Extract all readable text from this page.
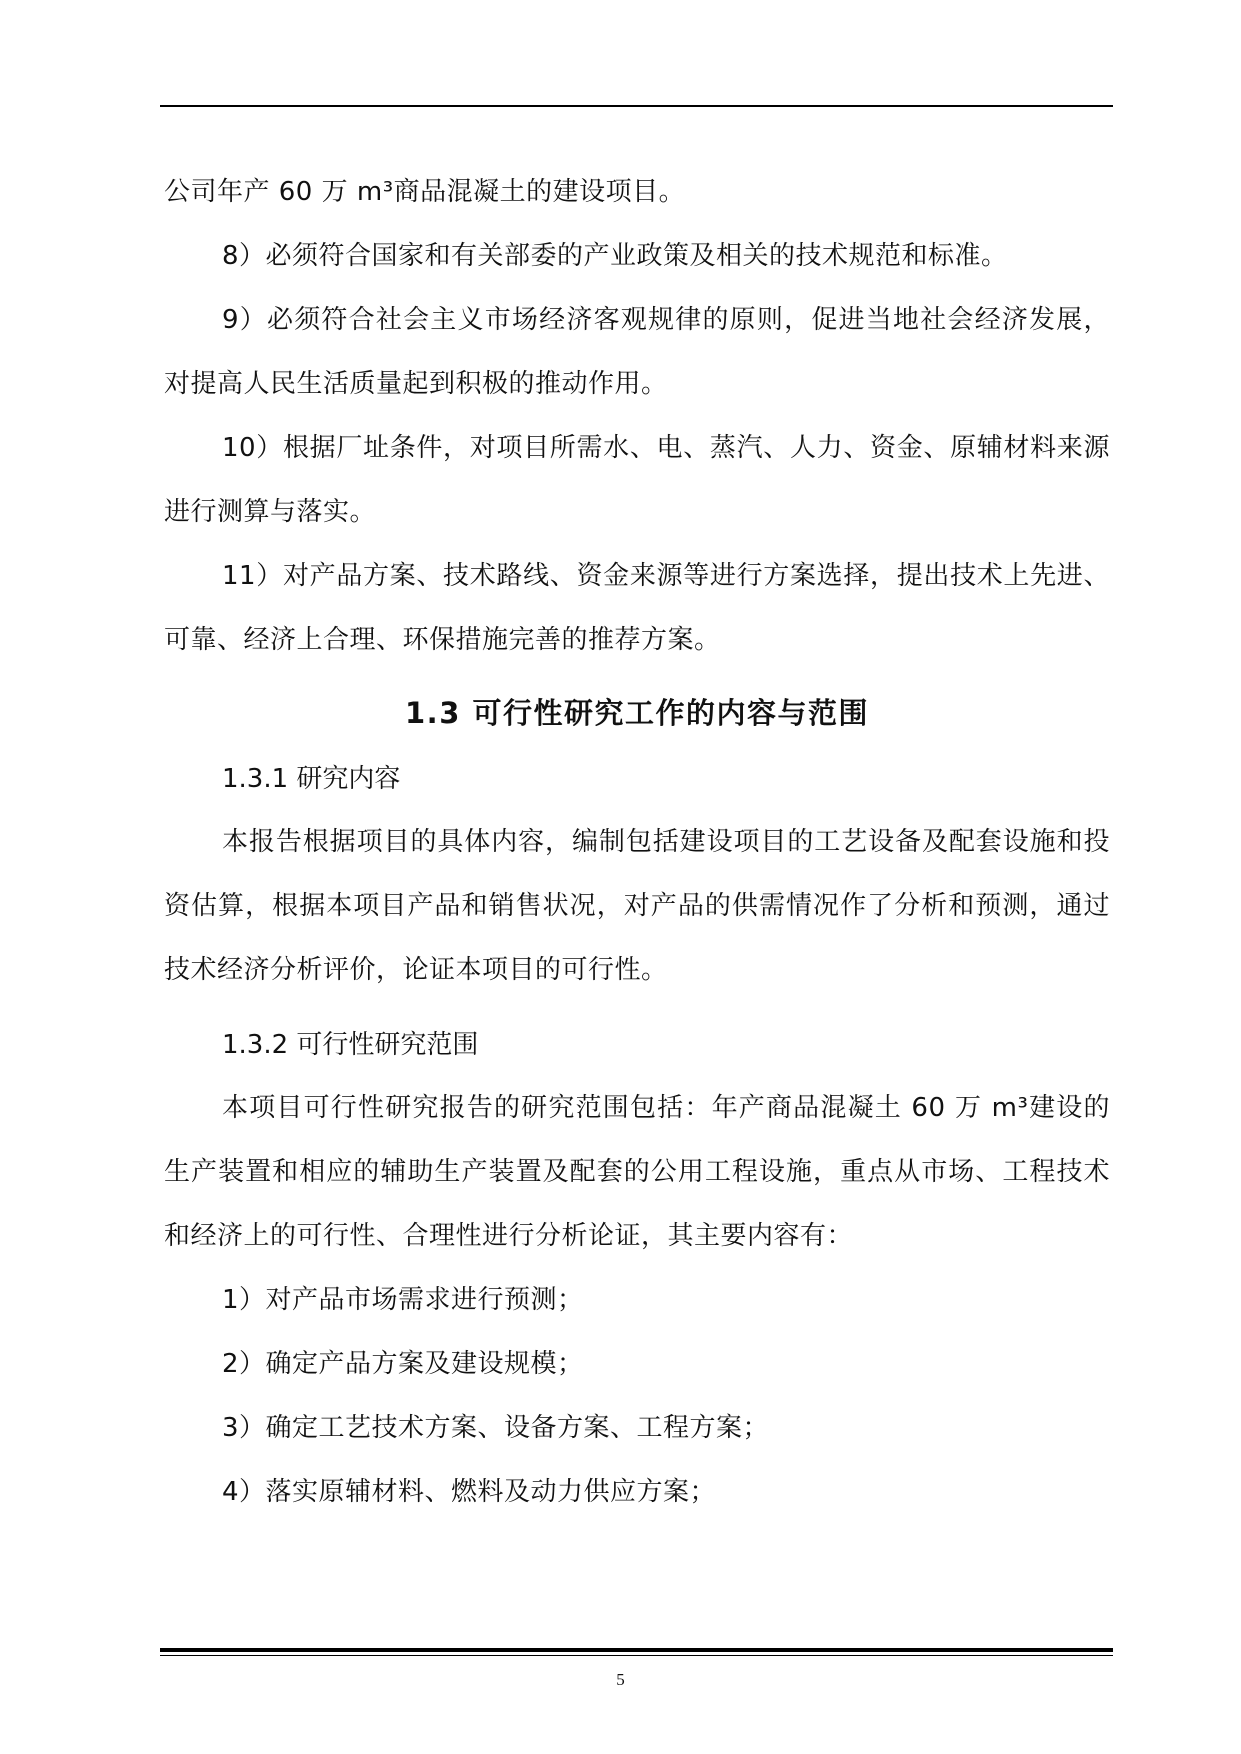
公司年产 60 万 m³商品混凝土的建设项目。

8）必须符合国家和有关部委的产业政策及相关的技术规范和标准。

9）必须符合社会主义市场经济客观规律的原则，促进当地社会经济发展，对提高人民生活质量起到积极的推动作用。

10）根据厂址条件，对项目所需水、电、蒸汽、人力、资金、原辅材料来源进行测算与落实。

11）对产品方案、技术路线、资金来源等进行方案选择，提出技术上先进、可靠、经济上合理、环保措施完善的推荐方案。

1.3 可行性研究工作的内容与范围

1.3.1 研究内容

本报告根据项目的具体内容，编制包括建设项目的工艺设备及配套设施和投资估算，根据本项目产品和销售状况，对产品的供需情况作了分析和预测，通过技术经济分析评价，论证本项目的可行性。

1.3.2 可行性研究范围

本项目可行性研究报告的研究范围包括：年产商品混凝土 60 万 m³建设的生产装置和相应的辅助生产装置及配套的公用工程设施，重点从市场、工程技术和经济上的可行性、合理性进行分析论证，其主要内容有：

1）对产品市场需求进行预测；

2）确定产品方案及建设规模；

3）确定工艺技术方案、设备方案、工程方案；

4）落实原辅材料、燃料及动力供应方案；

5
